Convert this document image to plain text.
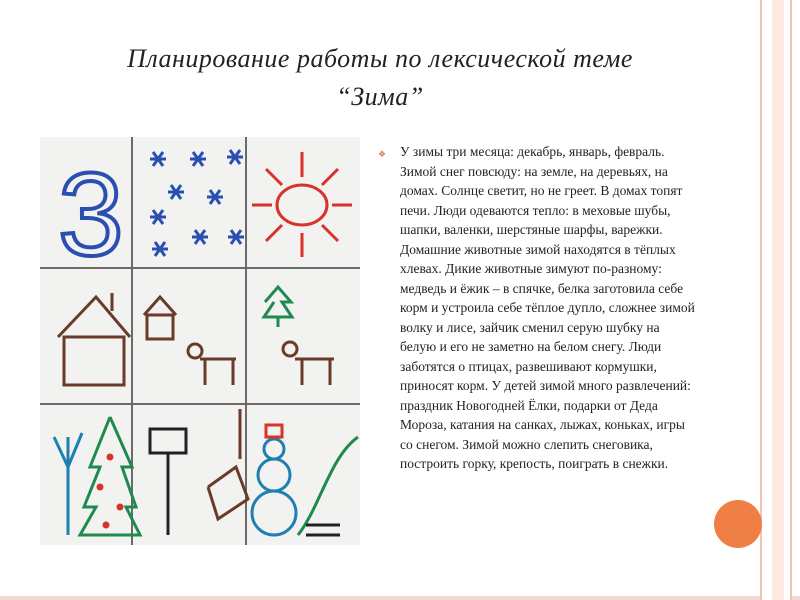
Планирование работы по лексической теме
“Зима”
3	❖ У зимы три месяца: декабрь, январь, февраль. Зимой снег повсюду: на земле, на деревьях, на домах. Солнце светит, но не греет. В домах топят печи. Люди одеваются тепло: в меховые шубы, шапки, валенки, шерстяные шарфы, варежки. Домашние животные зимой находятся в тёплых хлевах. Дикие животные зимуют по-разному: медведь и ёжик – в спячке, белка заготовила себе корм и устроила себе тёплое дупло, сложнее зимой волку и лисе, зайчик сменил серую шубку на белую и его не заметно на белом снегу. Люди заботятся о птицах, развешивают кормушки, приносят корм. У детей зимой много развлечений: праздник Новогодней Ёлки, подарки от Деда Мороза, катания на санках, лыжах, коньках, игры со снегом. Зимой можно слепить снеговика, построить горку, крепость, поиграть в снежки.
